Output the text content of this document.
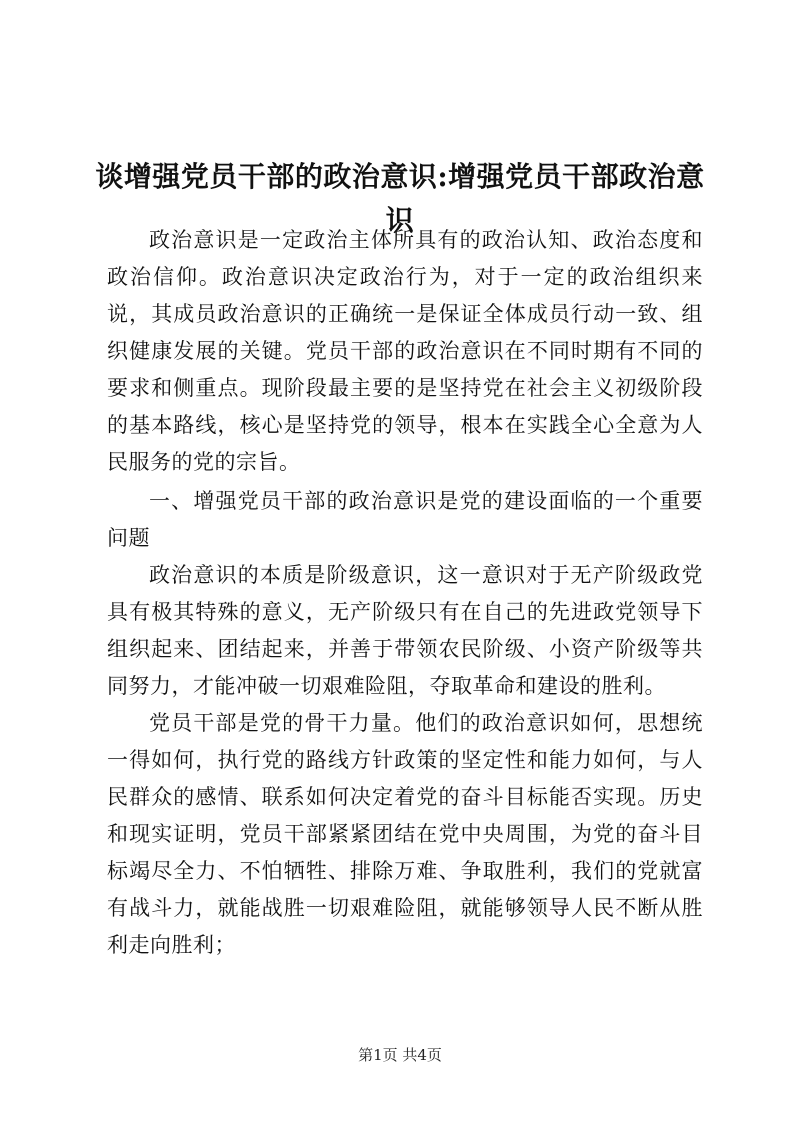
谈增强党员干部的政治意识:增强党员干部政治意识

政治意识是一定政治主体所具有的政治认知、政治态度和政治信仰。政治意识决定政治行为，对于一定的政治组织来说，其成员政治意识的正确统一是保证全体成员行动一致、组织健康发展的关键。党员干部的政治意识在不同时期有不同的要求和侧重点。现阶段最主要的是坚持党在社会主义初级阶段的基本路线，核心是坚持党的领导，根本在实践全心全意为人民服务的党的宗旨。

一、增强党员干部的政治意识是党的建设面临的一个重要问题

政治意识的本质是阶级意识，这一意识对于无产阶级政党具有极其特殊的意义，无产阶级只有在自己的先进政党领导下组织起来、团结起来，并善于带领农民阶级、小资产阶级等共同努力，才能冲破一切艰难险阻，夺取革命和建设的胜利。

党员干部是党的骨干力量。他们的政治意识如何，思想统一得如何，执行党的路线方针政策的坚定性和能力如何，与人民群众的感情、联系如何决定着党的奋斗目标能否实现。历史和现实证明，党员干部紧紧团结在党中央周围，为党的奋斗目标竭尽全力、不怕牺牲、排除万难、争取胜利，我们的党就富有战斗力，就能战胜一切艰难险阻，就能够领导人民不断从胜利走向胜利；

第1页 共4页
